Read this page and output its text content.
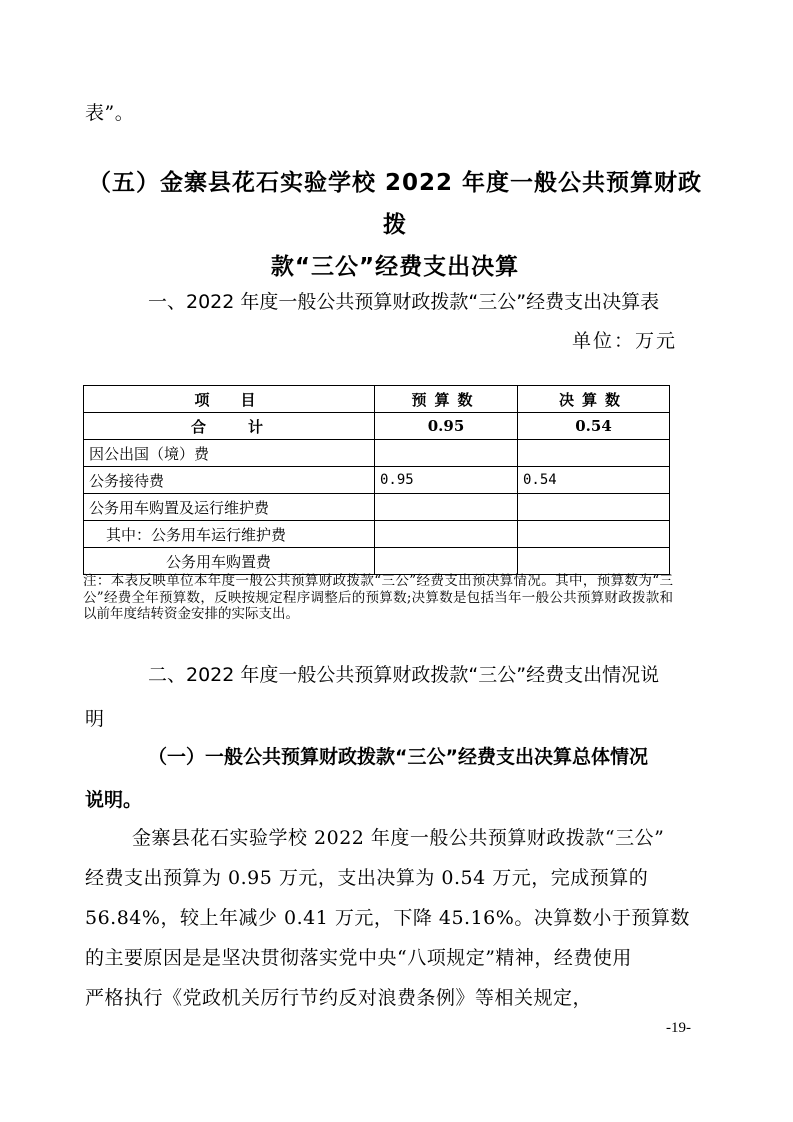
表”。
（五）金寨县花石实验学校 2022 年度一般公共预算财政拨
款“三公”经费支出决算
一、2022 年度一般公共预算财政拨款“三公”经费支出决算表
单位：万元
项　目	预算数	决算数
合　　计	0.95	0.54
因公出国（境）费		
公务接待费	0.95	0.54
公务用车购置及运行维护费		
其中：公务用车运行维护费		
公务用车购置费		
注：本表反映单位本年度一般公共预算财政拨款“三公”经费支出预决算情况。其中，预算数为“三公”经费全年预算数，反映按规定程序调整后的预算数;决算数是包括当年一般公共预算财政拨款和以前年度结转资金安排的实际支出。
二、2022 年度一般公共预算财政拨款“三公”经费支出情况说
明
（一）一般公共预算财政拨款“三公”经费支出决算总体情况
说明。
金寨县花石实验学校 2022 年度一般公共预算财政拨款“三公”
经费支出预算为 0.95 万元，支出决算为 0.54 万元，完成预算的
56.84%，较上年减少 0.41 万元，下降 45.16%。决算数小于预算数
的主要原因是是坚决贯彻落实党中央“八项规定”精神，经费使用
严格执行《党政机关厉行节约反对浪费条例》等相关规定，
-19-
